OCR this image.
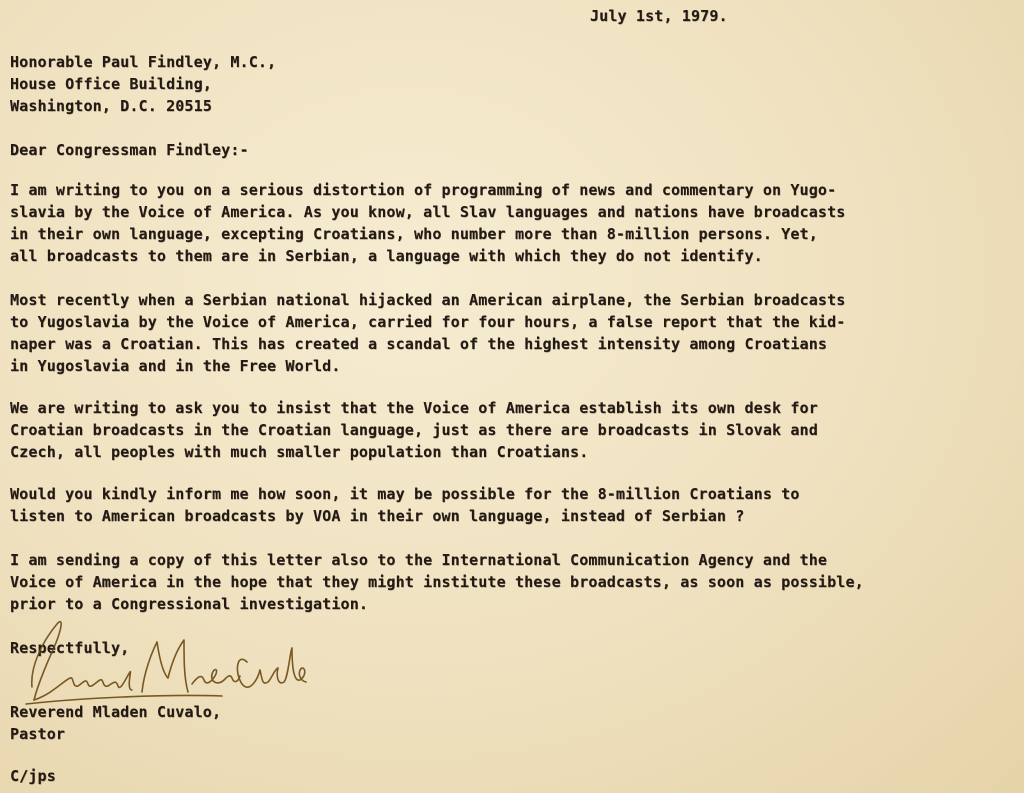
July 1st, 1979.
Honorable Paul Findley, M.C.,
House Office Building,
Washington, D.C. 20515
Dear Congressman Findley:-
I am writing to you on a serious distortion of programming of news and commentary on Yugo-
slavia by the Voice of America. As you know, all Slav languages and nations have broadcasts
in their own language, excepting Croatians, who number more than 8-million persons. Yet,
all broadcasts to them are in Serbian, a language with which they do not identify.
Most recently when a Serbian national hijacked an American airplane, the Serbian broadcasts
to Yugoslavia by the Voice of America, carried for four hours, a false report that the kid-
naper was a Croatian. This has created a scandal of the highest intensity among Croatians
in Yugoslavia and in the Free World.
We are writing to ask you to insist that the Voice of America establish its own desk for
Croatian broadcasts in the Croatian language, just as there are broadcasts in Slovak and
Czech, all peoples with much smaller population than Croatians.
Would you kindly inform me how soon, it may be possible for the 8-million Croatians to
listen to American broadcasts by VOA in their own language, instead of Serbian ?
I am sending a copy of this letter also to the International Communication Agency and the
Voice of America in the hope that they might institute these broadcasts, as soon as possible,
prior to a Congressional investigation.
Respectfully,
Reverend Mladen Cuvalo,
Pastor
C/jps
